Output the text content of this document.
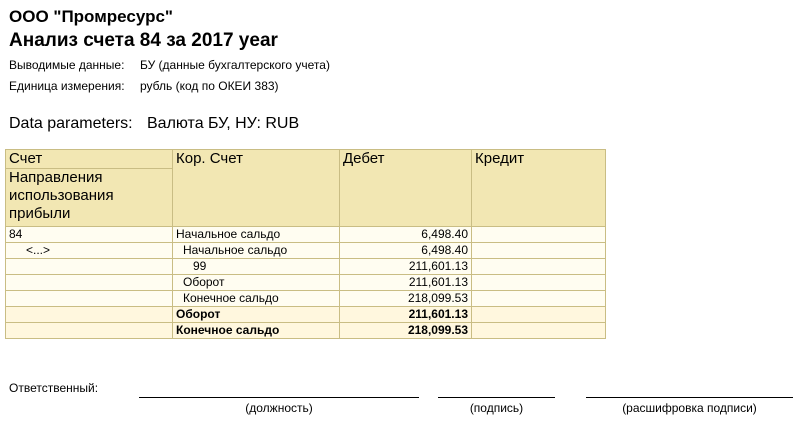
ООО "Промресурс"
Анализ счета 84 за 2017 year
Выводимые данные: БУ (данные бухгалтерского учета)
Единица измерения: рубль (код по ОКЕИ 383)
Data parameters: Валюта БУ, НУ: RUB
Счет	Кор. Счет	Дебет	Кредит
Направления использования прибыли			
84	Начальное сальдо	6,498.40	
<...>	Начальное сальдо	6,498.40	
	99	211,601.13	
	Оборот	211,601.13	
	Конечное сальдо	218,099.53	
	Оборот	211,601.13	
	Конечное сальдо	218,099.53	
Ответственный:
(должность)	(подпись)	(расшифровка подписи)
